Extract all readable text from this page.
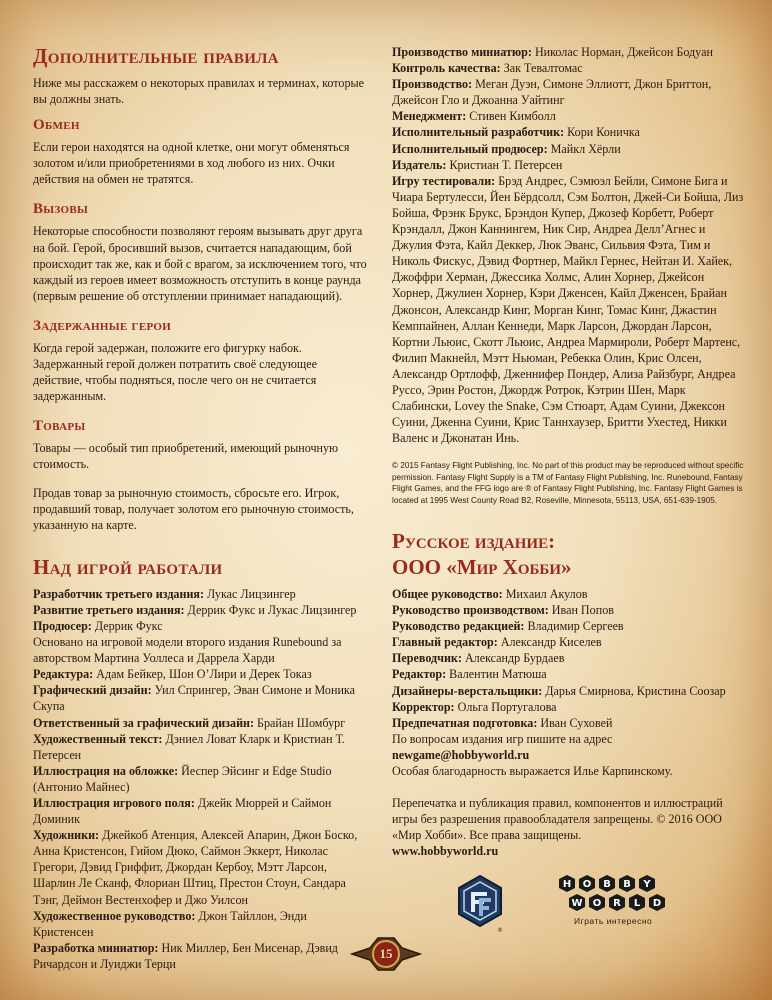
Дополнительные правила

Ниже мы расскажем о некоторых правилах и терминах, которые вы должны знать.

Обмен

Если герои находятся на одной клетке, они могут обменяться золотом и/или приобретениями в ход любого из них. Очки действия на обмен не тратятся.

Вызовы

Некоторые способности позволяют героям вызывать друг друга на бой. Герой, бросивший вызов, считается нападающим, бой происходит так же, как и бой с врагом, за исключением того, что каждый из героев имеет возможность отступить в конце раунда (первым решение об отступлении принимает нападающий).

Задержанные герои

Когда герой задержан, положите его фигурку набок. Задержанный герой должен потратить своё следующее действие, чтобы подняться, после чего он не считается задержанным.

Товары

Товары — особый тип приобретений, имеющий рыночную стоимость.

Продав товар за рыночную стоимость, сбросьте его. Игрок, продавший товар, получает золотом его рыночную стоимость, указанную на карте.

Над игрой работали

Разработчик третьего издания: Лукас Лицзингер

Развитие третьего издания: Деррик Фукс и Лукас Лицзингер

Продюсер: Деррик Фукс

Основано на игровой модели второго издания Runebound за авторством Мартина Уоллеса и Даррела Харди

Редактура: Адам Бейкер, Шон О’Лири и Дерек Токаз

Графический дизайн: Уил Спрингер, Эван Симоне и Моника Скупа

Ответственный за графический дизайн: Брайан Шомбург

Художественный текст: Дэниел Ловат Кларк и Кристиан Т. Петерсен

Иллюстрация на обложке: Йеспер Эйсинг и Edge Studio (Антонио Майнес)

Иллюстрация игрового поля: Джейк Мюррей и Саймон Доминик

Художники: Джейкоб Атенция, Алексей Апарин, Джон Боско, Анна Кристенсон, Гийом Дюко, Саймон Эккерт, Николас Грегори, Дэвид Гриффит, Джордан Кербоу, Мэтт Ларсон, Шарлин Ле Сканф, Флориан Штиц, Престон Стоун, Сандара Тэнг, Деймон Вестенхофер и Джо Уилсон

Художественное руководство: Джон Тайллон, Энди Кристенсен

Разработка миниатюр: Ник Миллер, Бен Мисенар, Дэвид Ричардсон и Луиджи Терци

Производство миниатюр: Николас Норман, Джейсон Бодуан

Контроль качества: Зак Тевалтомас

Производство: Меган Дуэн, Симоне Эллиотт, Джон Бриттон, Джейсон Гло и Джоанна Уайтинг

Менеджмент: Стивен Кимболл

Исполнительный разработчик: Кори Коничка

Исполнительный продюсер: Майкл Хёрли

Издатель: Кристиан Т. Петерсен

Игру тестировали: Брэд Андрес, Сэмюэл Бейли, Симоне Бига и Чиара Бертулесси, Йен Бёрдсолл, Сэм Болтон, Джей-Си Бойша, Лиз Бойша, Фрэнк Брукс, Брэндон Купер, Джозеф Корбетт, Роберт Крэндалл, Джон Каннингем, Ник Сир, Андреа Делл’Агнес и Джулия Фэта, Кайл Деккер, Люк Эванс, Сильвия Фэта, Тим и Николь Фискус, Дэвид Фортнер, Майкл Гернес, Нейтан И. Хайек, Джоффри Херман, Джессика Холмс, Алин Хорнер, Джейсон Хорнер, Джулиен Хорнер, Кэри Дженсен, Кайл Дженсен, Брайан Джонсон, Александр Кинг, Морган Кинг, Томас Кинг, Джастин Кемппайнен, Аллан Кеннеди, Марк Ларсон, Джордан Ларсон, Кортни Льюис, Скотт Льюис, Андреа Мармироли, Роберт Мартенс, Филип Макнейл, Мэтт Ньюман, Ребекка Олин, Крис Олсен, Александр Ортлофф, Дженнифер Пондер, Ализа Райзбург, Андреа Руссо, Эрин Ростон, Джордж Ротрок, Кэтрин Шен, Марк Слабински, Lovey the Snake, Сэм Стюарт, Адам Суини, Джексон Суини, Дженна Суини, Крис Таннхаузер, Бритти Ухестед, Никки Валенс и Джонатан Инь.

© 2015 Fantasy Flight Publishing, Inc. No part of this product may be reproduced without specific permission. Fantasy Flight Supply is a TM of Fantasy Flight Publishing, Inc. Runebound, Fantasy Flight Games, and the FFG logo are ® of Fantasy Flight Publishing, Inc. Fantasy Flight Games is located at 1995 West County Road B2, Roseville, Minnesota, 55113, USA, 651-639-1905.

Русское издание:
ООО «Мир Хобби»

Общее руководство: Михаил Акулов

Руководство производством: Иван Попов

Руководство редакцией: Владимир Сергеев

Главный редактор: Александр Киселев

Переводчик: Александр Бурдаев

Редактор: Валентин Матюша

Дизайнеры-верстальщики: Дарья Смирнова, Кристина Соозар

Корректор: Ольга Португалова

Предпечатная подготовка: Иван Суховей

По вопросам издания игр пишите на адрес

newgame@hobbyworld.ru

Особая благодарность выражается Илье Карпинскому.

Перепечатка и публикация правил, компонентов и иллюстраций игры без разрешения правообладателя запрещены. © 2016 ООО «Мир Хобби». Все права защищены.

www.hobbyworld.ru

®
H O B B Y
W O R L D
Играть интересно
15
